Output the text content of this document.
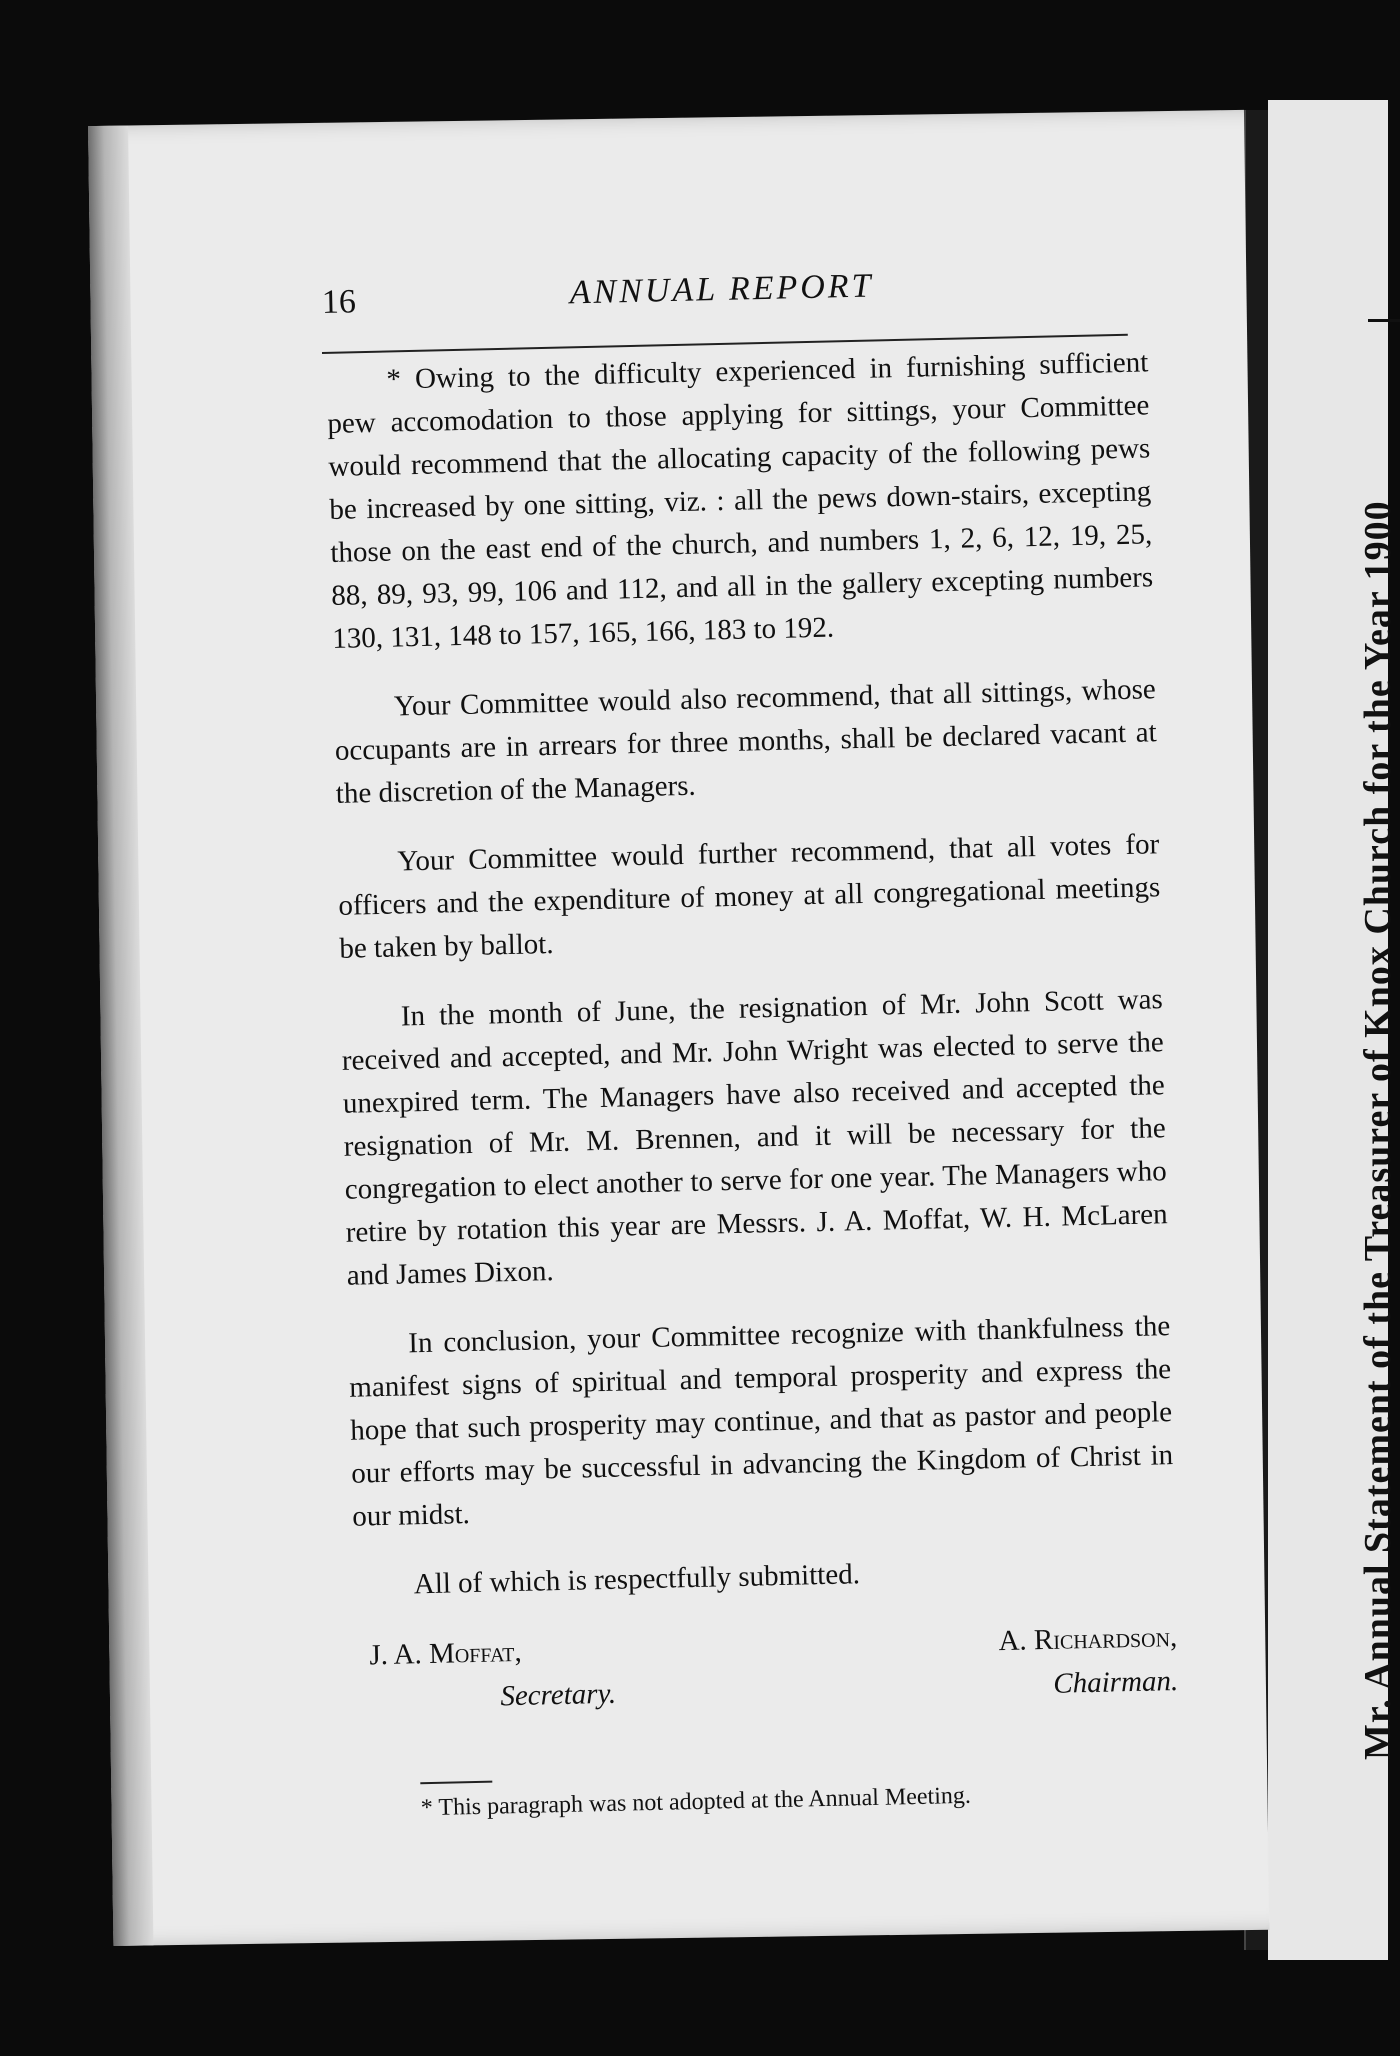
Mr. Annual Statement of the Treasurer of Knox Church for the Year 1900
16	ANNUAL REPORT

* Owing to the difficulty experienced in furnishing sufficient pew accomodation to those applying for sittings, your Committee would recommend that the allocating capacity of the following pews be increased by one sitting, viz. : all the pews down-stairs, excepting those on the east end of the church, and numbers 1, 2, 6, 12, 19, 25, 88, 89, 93, 99, 106 and 112, and all in the gallery excepting numbers 130, 131, 148 to 157, 165, 166, 183 to 192.

Your Committee would also recommend, that all sittings, whose occupants are in arrears for three months, shall be declared vacant at the discretion of the Managers.

Your Committee would further recommend, that all votes for officers and the expenditure of money at all congregational meetings be taken by ballot.

In the month of June, the resignation of Mr. John Scott was received and accepted, and Mr. John Wright was elected to serve the unexpired term. The Managers have also received and accepted the resignation of Mr. M. Brennen, and it will be necessary for the congregation to elect another to serve for one year. The Managers who retire by rotation this year are Messrs. J. A. Moffat, W. H. McLaren and James Dixon.

In conclusion, your Committee recognize with thankfulness the manifest signs of spiritual and temporal prosperity and express the hope that such prosperity may continue, and that as pastor and people our efforts may be successful in advancing the Kingdom of Christ in our midst.

All of which is respectfully submitted.

J. A. Moffat,
Secretary.
A. Richardson,
Chairman.
* This paragraph was not adopted at the Annual Meeting.
